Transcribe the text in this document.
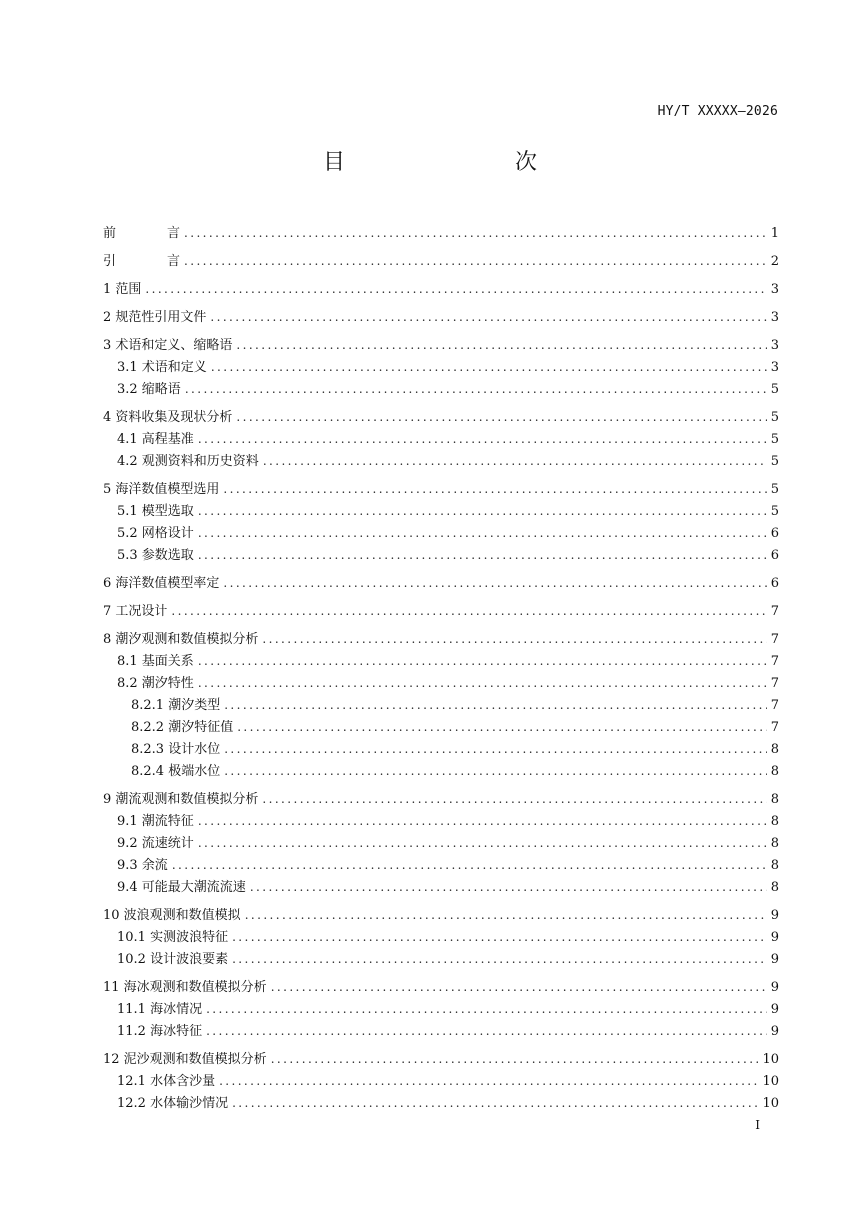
HY/T XXXXX—2026
目　　次
前	言 .....	1
引	言 .....	2
1 范围 .....	3
2 规范性引用文件 .....	3
3 术语和定义、缩略语 .....	3
3.1 术语和定义 .....	3
3.2 缩略语 .....	5
4 资料收集及现状分析 .....	5
4.1 高程基准 .....	5
4.2 观测资料和历史资料 .....	5
5 海洋数值模型选用 .....	5
5.1 模型选取 .....	5
5.2 网格设计 .....	6
5.3 参数选取 .....	6
6 海洋数值模型率定 .....	6
7 工况设计 .....	7
8 潮汐观测和数值模拟分析 .....	7
8.1 基面关系 .....	7
8.2 潮汐特性 .....	7
8.2.1 潮汐类型 .....	7
8.2.2 潮汐特征值 .....	7
8.2.3 设计水位 .....	8
8.2.4 极端水位 .....	8
9 潮流观测和数值模拟分析 .....	8
9.1 潮流特征 .....	8
9.2 流速统计 .....	8
9.3 余流 .....	8
9.4 可能最大潮流流速 .....	8
10 波浪观测和数值模拟 .....	9
10.1 实测波浪特征 .....	9
10.2 设计波浪要素 .....	9
11 海冰观测和数值模拟分析 .....	9
11.1 海冰情况 .....	9
11.2 海冰特征 .....	9
12 泥沙观测和数值模拟分析 .....	10
12.1 水体含沙量 .....	10
12.2 水体输沙情况 .....	10
I
